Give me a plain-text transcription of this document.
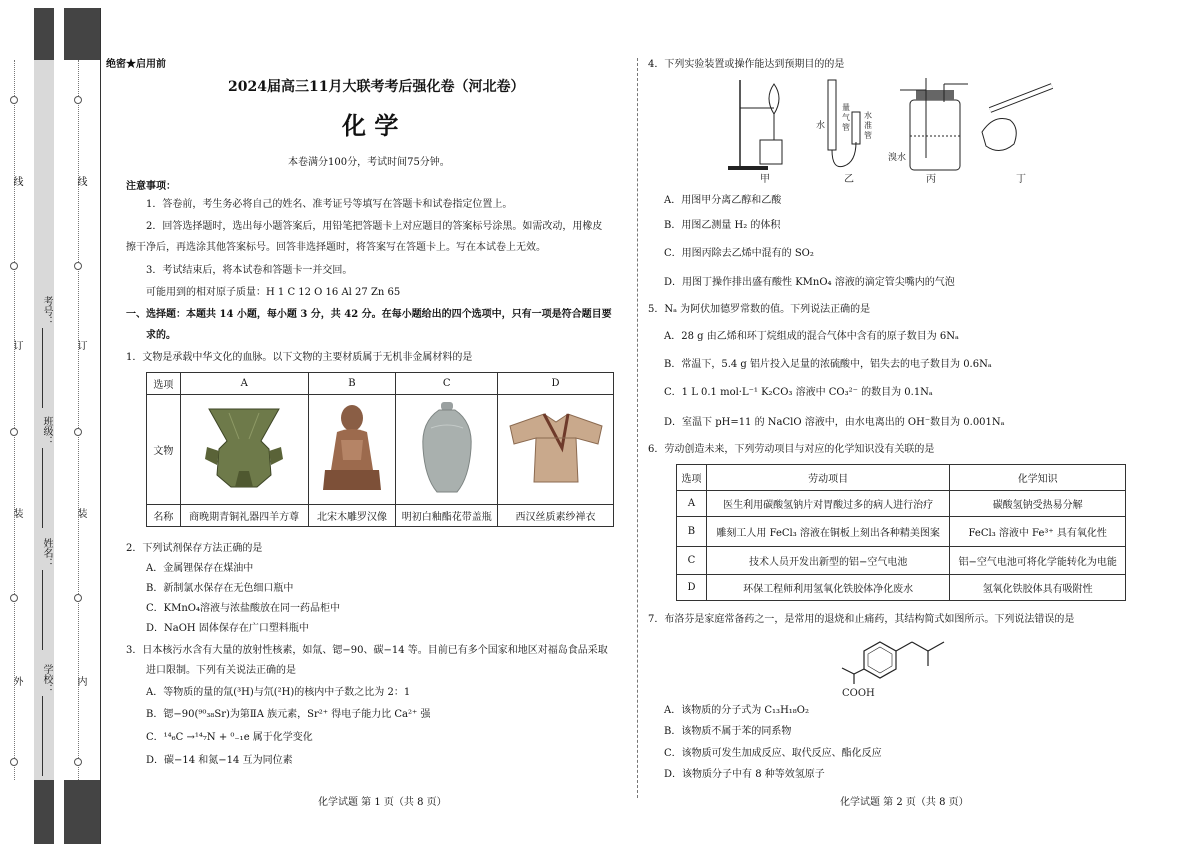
外
装
订
线
内
装
订
线
学校：
姓名：
班级：
考号：
绝密★启用前
2024届高三11月大联考考后强化卷（河北卷）
化 学
本卷满分100分，考试时间75分钟。
注意事项：
1．答卷前，考生务必将自己的姓名、准考证号等填写在答题卡和试卷指定位置上。
2．回答选择题时，选出每小题答案后，用铅笔把答题卡上对应题目的答案标号涂黑。如需改动，用橡皮
擦干净后，再选涂其他答案标号。回答非选择题时，将答案写在答题卡上。写在本试卷上无效。
3．考试结束后，将本试卷和答题卡一并交回。
可能用到的相对原子质量：H 1 C 12 O 16 Al 27 Zn 65
一、选择题：本题共 14 小题，每小题 3 分，共 42 分。在每小题给出的四个选项中，只有一项是符合题目要
求的。
1．文物是承载中华文化的血脉。以下文物的主要材质属于无机非金属材料的是
选项	A	B	C	D
文物				
名称	商晚期青铜礼器四羊方尊	北宋木雕罗汉像	明初白釉酯花带盖瓶	西汉丝质素纱禅衣
2．下列试剂保存方法正确的是
A．金属锂保存在煤油中
B．新制氯水保存在无色细口瓶中
C．KMnO₄溶液与浓盐酸放在同一药品柜中
D．NaOH 固体保存在广口塑料瓶中
3．日本核污水含有大量的放射性核素，如氚、锶−90、碳−14 等。目前已有多个国家和地区对福岛食品采取
进口限制。下列有关说法正确的是
A．等物质的量的氚(³H)与氘(²H)的核内中子数之比为 2：1
B．锶−90(⁹⁰₃₈Sr)为第ⅡA 族元素，Sr²⁺ 得电子能力比 Ca²⁺ 强
C．¹⁴₆C →¹⁴₇N + ⁰₋₁e 属于化学变化
D．碳−14 和氮−14 互为同位素
化学试题 第 1 页（共 8 页）
4．下列实验装置或操作能达到预期目的的是
水
量
气
管
水
准
管
溴水
甲	乙	丙	丁
A．用图甲分离乙醇和乙酸
B．用图乙测量 H₂ 的体积
C．用图丙除去乙烯中混有的 SO₂
D．用图丁操作排出盛有酸性 KMnO₄ 溶液的滴定管尖嘴内的气泡
5．Nₐ 为阿伏加德罗常数的值。下列说法正确的是
A．28 g 由乙烯和环丁烷组成的混合气体中含有的原子数目为 6Nₐ
B．常温下，5.4 g 铝片投入足量的浓硫酸中，铝失去的电子数目为 0.6Nₐ
C．1 L 0.1 mol·L⁻¹ K₂CO₃ 溶液中 CO₃²⁻ 的数目为 0.1Nₐ
D．室温下 pH=11 的 NaClO 溶液中，由水电离出的 OH⁻数目为 0.001Nₐ
6．劳动创造未来，下列劳动项目与对应的化学知识没有关联的是
选项	劳动项目	化学知识
A	医生利用碳酸氢钠片对胃酸过多的病人进行治疗	碳酸氢钠受热易分解
B	雕刻工人用 FeCl₃ 溶液在铜板上刻出各种精美图案	FeCl₃ 溶液中 Fe³⁺ 具有氧化性
C	技术人员开发出新型的铝−空气电池	铝−空气电池可将化学能转化为电能
D	环保工程师利用氢氧化铁胶体净化废水	氢氧化铁胶体具有吸附性
7．布洛芬是家庭常备药之一，是常用的退烧和止痛药，其结构简式如图所示。下列说法错误的是
COOH
A．该物质的分子式为 C₁₃H₁₈O₂
B．该物质不属于苯的同系物
C．该物质可发生加成反应、取代反应、酯化反应
D．该物质分子中有 8 种等效氢原子
化学试题 第 2 页（共 8 页）
